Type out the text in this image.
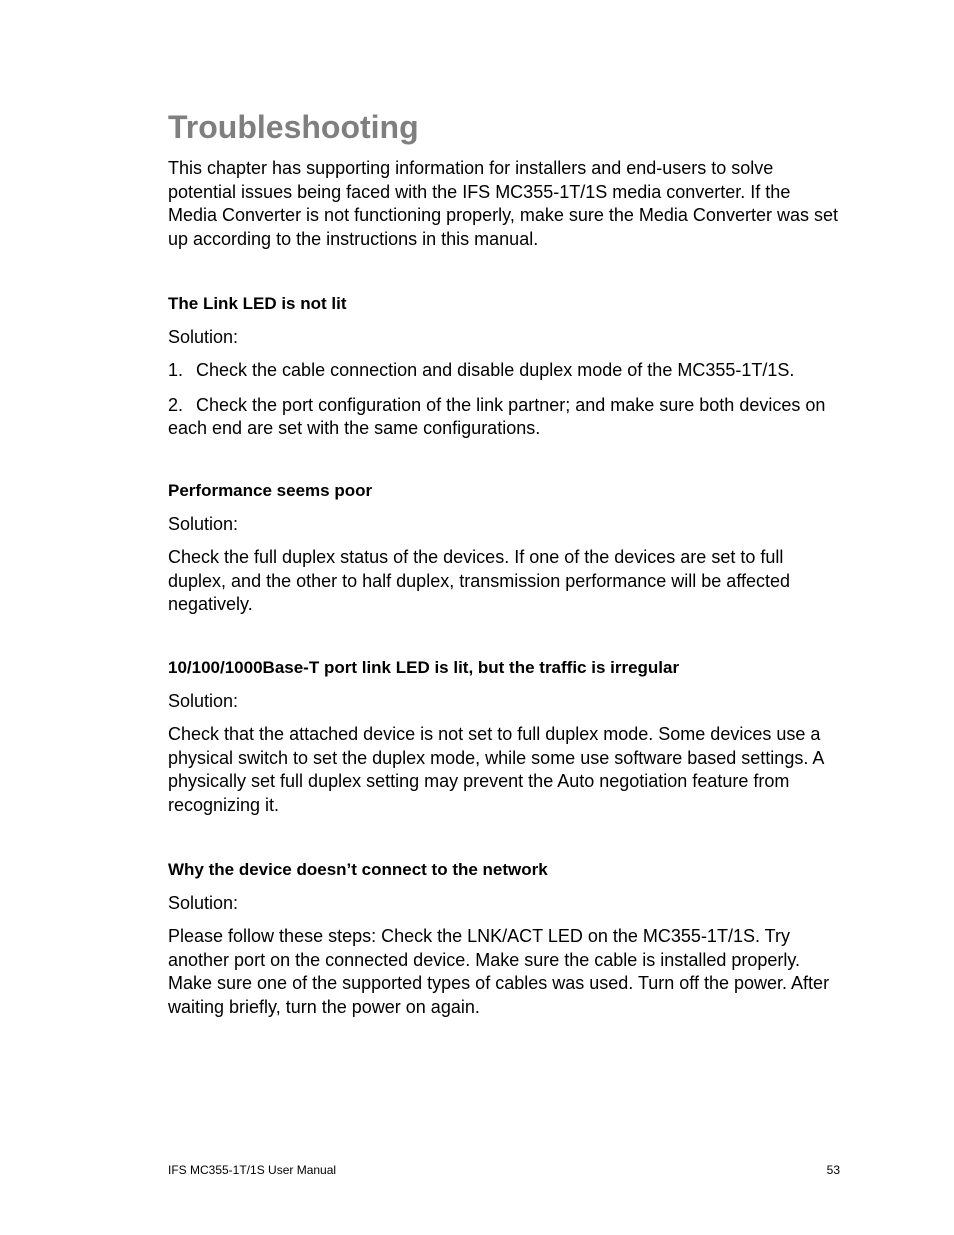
Troubleshooting

This chapter has supporting information for installers and end-users to solve potential issues being faced with the IFS MC355-1T/1S media converter. If the Media Converter is not functioning properly, make sure the Media Converter was set up according to the instructions in this manual.

The Link LED is not lit

Solution:

1. Check the cable connection and disable duplex mode of the MC355-1T/1S.

2. Check the port configuration of the link partner; and make sure both devices on each end are set with the same configurations.

Performance seems poor

Solution:

Check the full duplex status of the devices. If one of the devices are set to full duplex, and the other to half duplex, transmission performance will be affected negatively.

10/100/1000Base-T port link LED is lit, but the traffic is irregular

Solution:

Check that the attached device is not set to full duplex mode. Some devices use a physical switch to set the duplex mode, while some use software based settings. A physically set full duplex setting may prevent the Auto negotiation feature from recognizing it.

Why the device doesn’t connect to the network

Solution:

Please follow these steps: Check the LNK/ACT LED on the MC355-1T/1S. Try another port on the connected device. Make sure the cable is installed properly. Make sure one of the supported types of cables was used. Turn off the power. After waiting briefly, turn the power on again.

IFS MC355-1T/1S User Manual	53
